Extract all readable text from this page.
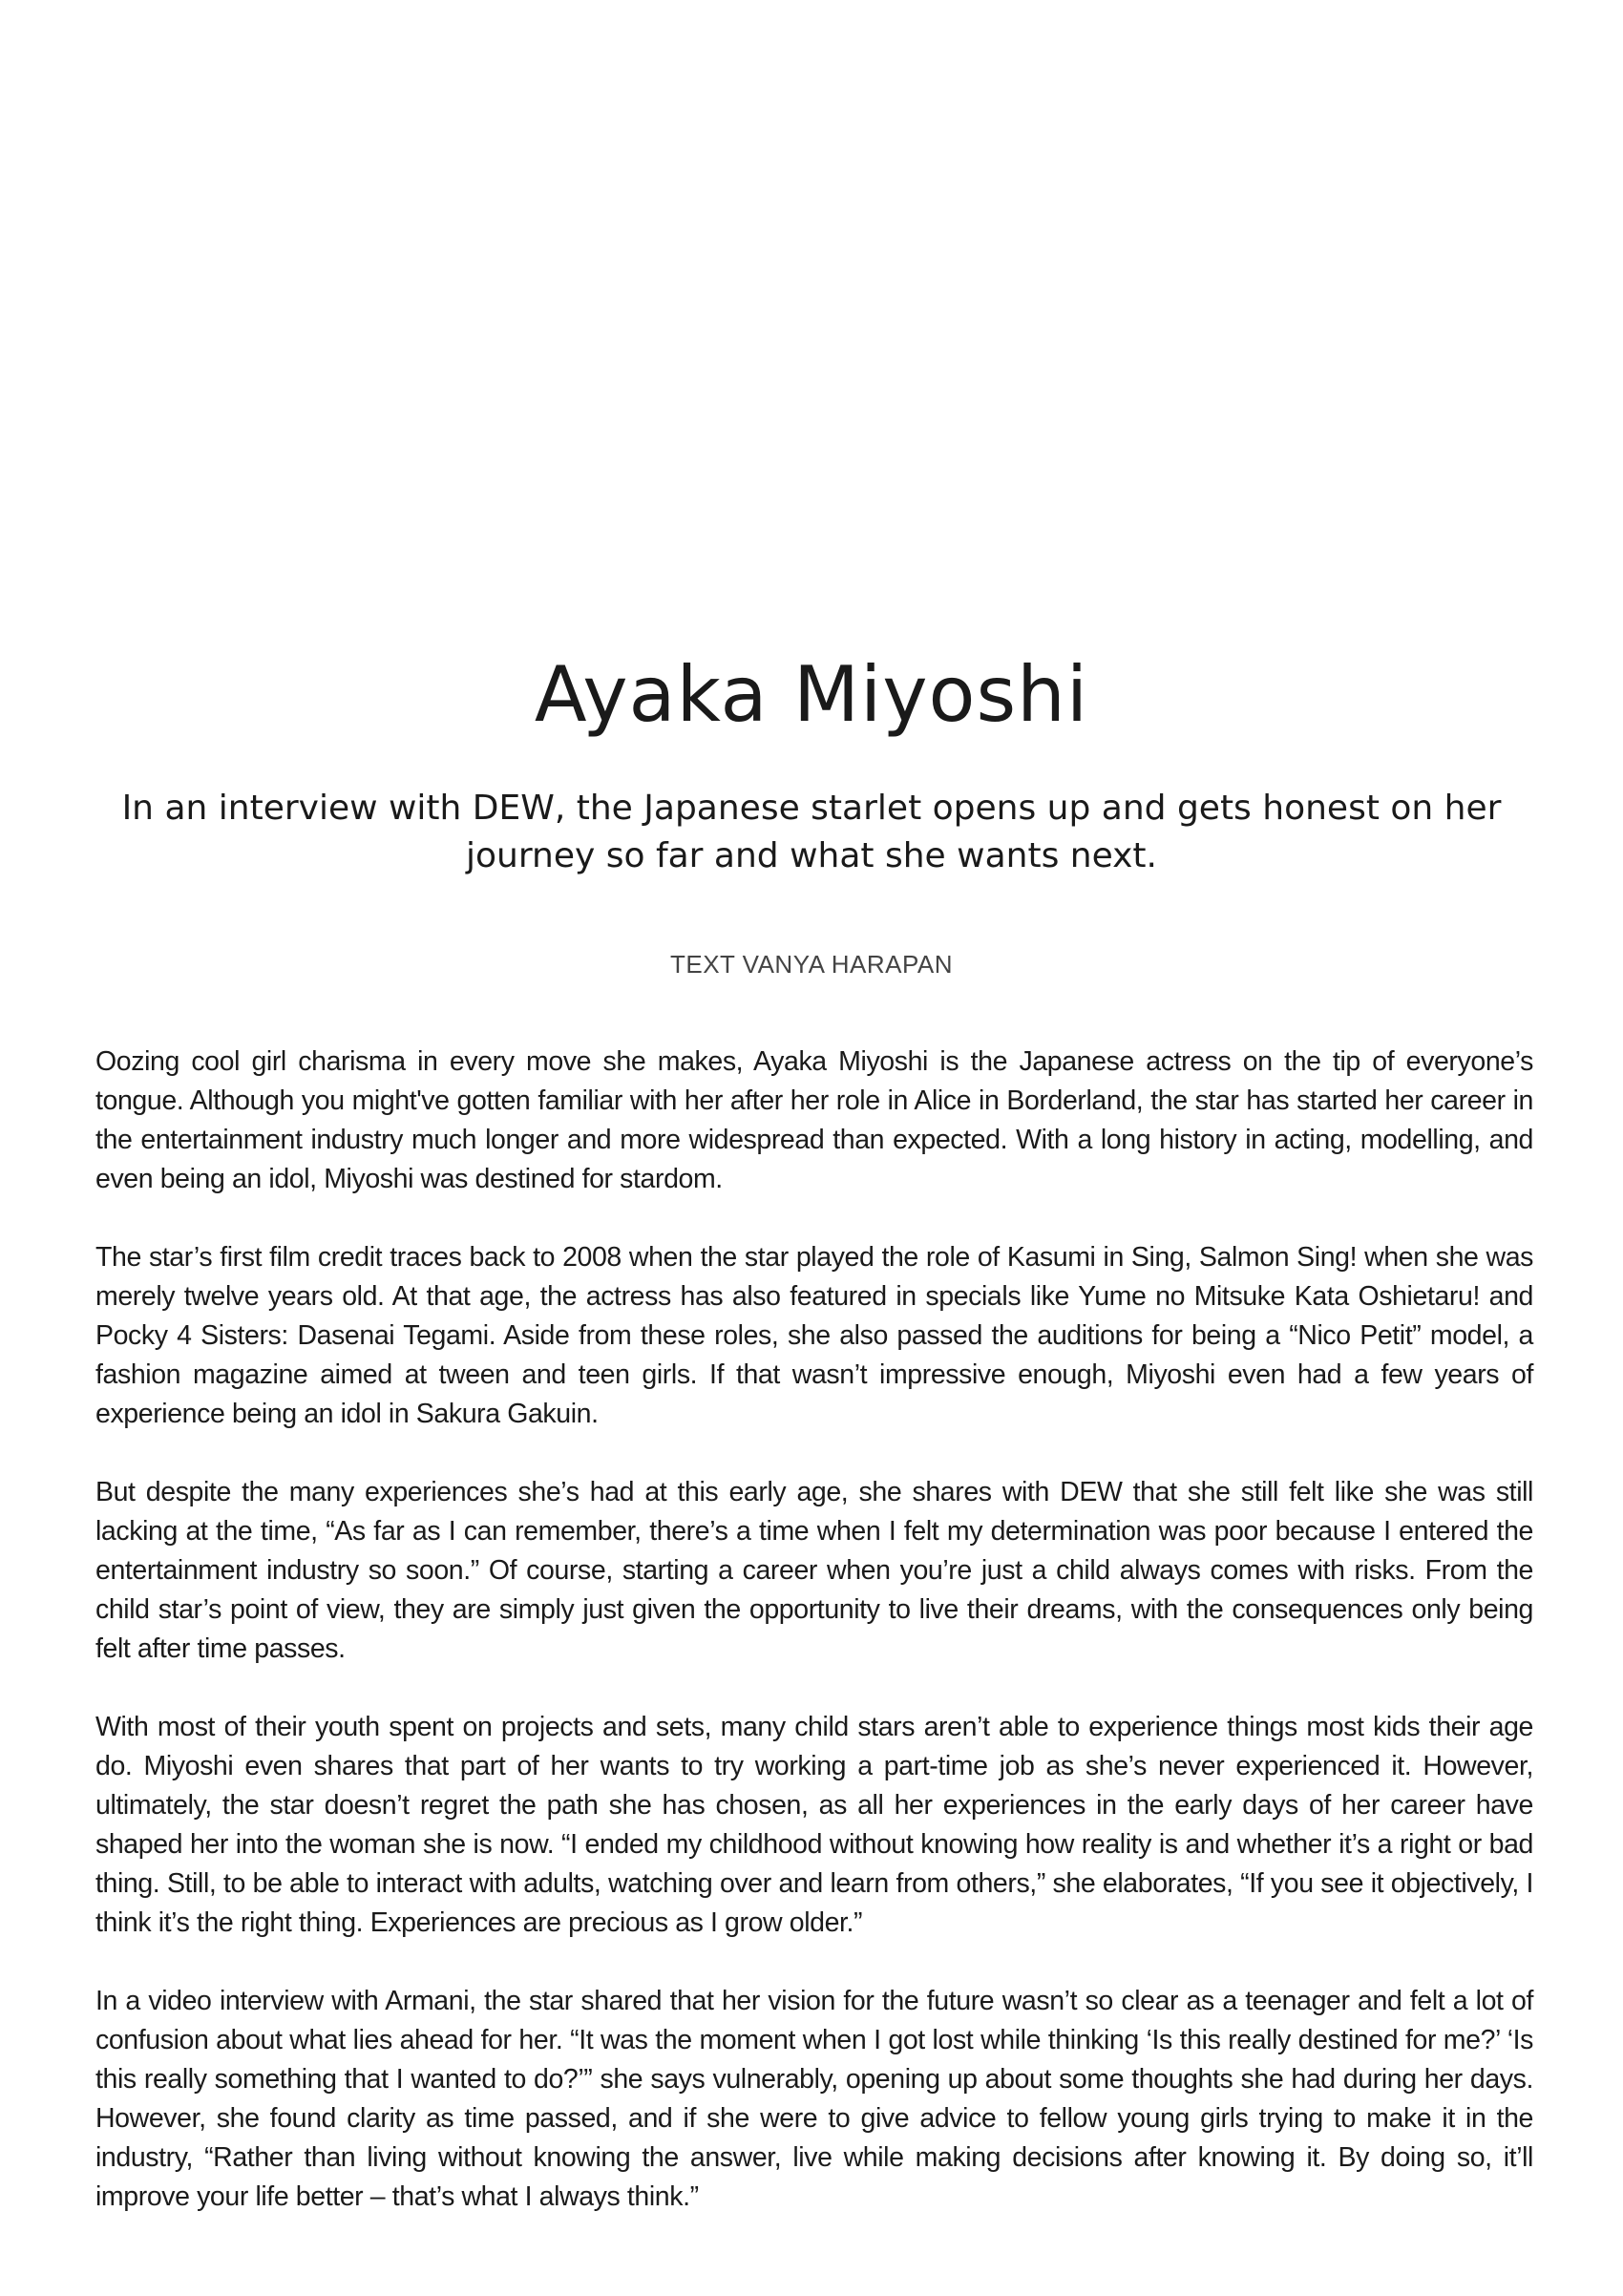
Ayaka Miyoshi

In an interview with DEW, the Japanese starlet opens up and gets honest on her journey so far and what she wants next.

TEXT VANYA HARAPAN

Oozing cool girl charisma in every move she makes, Ayaka Miyoshi is the Japanese actress on the tip of everyone’s tongue. Although you might've gotten familiar with her after her role in Alice in Borderland, the star has started her career in the entertainment industry much longer and more widespread than expected. With a long history in acting, modelling, and even being an idol, Miyoshi was destined for stardom.

The star’s first film credit traces back to 2008 when the star played the role of Kasumi in Sing, Salmon Sing! when she was merely twelve years old. At that age, the actress has also featured in specials like Yume no Mitsuke Kata Oshietaru! and Pocky 4 Sisters: Dasenai Tegami. Aside from these roles, she also passed the auditions for being a “Nico Petit” model, a fashion magazine aimed at tween and teen girls. If that wasn’t impressive enough, Miyoshi even had a few years of experience being an idol in Sakura Gakuin.

But despite the many experiences she’s had at this early age, she shares with DEW that she still felt like she was still lacking at the time, “As far as I can remember, there’s a time when I felt my determination was poor because I entered the entertainment industry so soon.” Of course, starting a career when you’re just a child always comes with risks. From the child star’s point of view, they are simply just given the opportunity to live their dreams, with the consequences only being felt after time passes.

With most of their youth spent on projects and sets, many child stars aren’t able to experience things most kids their age do. Miyoshi even shares that part of her wants to try working a part-time job as she’s never experienced it. However, ultimately, the star doesn’t regret the path she has chosen, as all her experiences in the early days of her career have shaped her into the woman she is now. “I ended my childhood without knowing how reality is and whether it’s a right or bad thing. Still, to be able to interact with adults, watching over and learn from others,” she elaborates, “If you see it objectively, I think it’s the right thing. Experiences are precious as I grow older.”

In a video interview with Armani, the star shared that her vision for the future wasn’t so clear as a teenager and felt a lot of confusion about what lies ahead for her. “It was the moment when I got lost while thinking ‘Is this really destined for me?’ ‘Is this really something that I wanted to do?’” she says vulnerably, opening up about some thoughts she had during her days. However, she found clarity as time passed, and if she were to give advice to fellow young girls trying to make it in the industry, “Rather than living without knowing the answer, live while making decisions after knowing it. By doing so, it’ll improve your life better – that’s what I always think.”
